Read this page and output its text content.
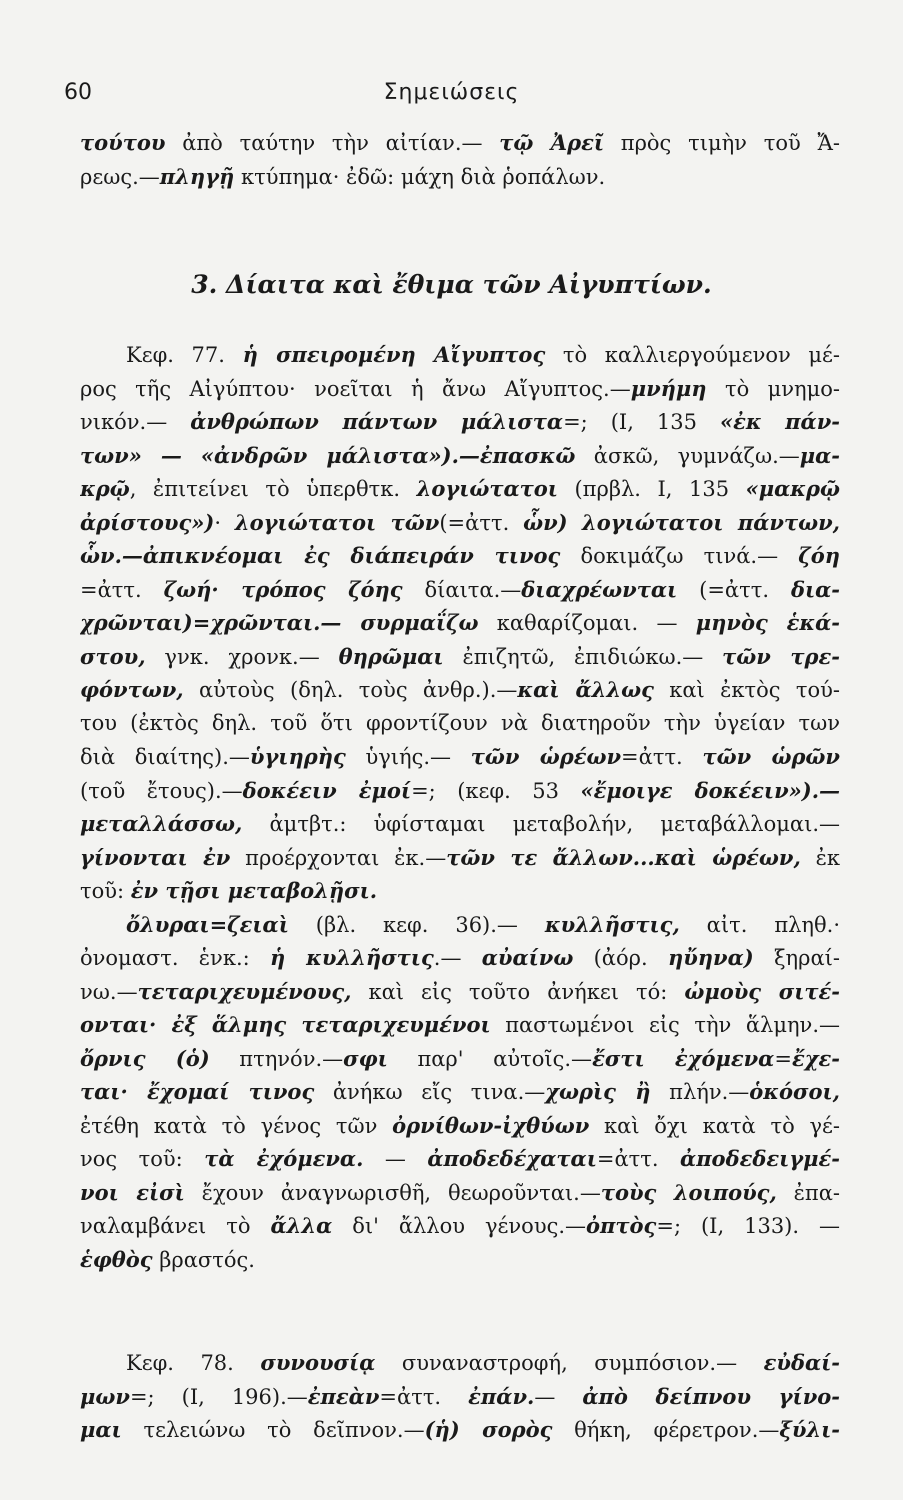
60	Σημειώσεις
τούτου ἀπὸ ταύτην τὴν αἰτίαν.— τῷ Ἀρεῖ πρὸς τιμὴν τοῦ Ἄ-
ρεως.—πληγῇ κτύπημα· ἐδῶ: μάχη διὰ ῥοπάλων.
3. Δίαιτα καὶ ἔθιμα τῶν Αἰγυπτίων.
Κεφ. 77. ἡ σπειρομένη Αἴγυπτος τὸ καλλιεργούμενον μέ-
ρος τῆς Αἰγύπτου· νοεῖται ἡ ἄνω Αἴγυπτος.—μνήμη τὸ μνημο-
νικόν.— ἀνθρώπων πάντων μάλιστα=; (I, 135 «ἐκ πάν-
των» — «ἀνδρῶν μάλιστα»).—ἐπασκῶ ἀσκῶ, γυμνάζω.—μα-
κρῷ, ἐπιτείνει τὸ ὑπερθτκ. λογιώτατοι (πρβλ. I, 135 «μακρῷ
ἀρίστους»)· λογιώτατοι τῶν(=ἀττ. ὧν) λογιώτατοι πάντων,
ὧν.—ἀπικνέομαι ἐς διάπειράν τινος δοκιμάζω τινά.— ζόη
=ἀττ. ζωή· τρόπος ζόης δίαιτα.—διαχρέωνται (=ἀττ. δια-
χρῶνται)=χρῶνται.— συρμαΐζω καθαρίζομαι. — μηνὸς ἑκά-
στου, γνκ. χρονκ.— θηρῶμαι ἐπιζητῶ, ἐπιδιώκω.— τῶν τρε-
φόντων, αὐτοὺς (δηλ. τοὺς ἀνθρ.).—καὶ ἄλλως καὶ ἐκτὸς τού-
του (ἐκτὸς δηλ. τοῦ ὅτι φροντίζουν νὰ διατηροῦν τὴν ὑγείαν των
διὰ διαίτης).—ὑγιηρὴς ὑγιής.— τῶν ὡρέων=ἀττ. τῶν ὡρῶν
(τοῦ ἔτους).—δοκέειν ἐμοί=; (κεφ. 53 «ἔμοιγε δοκέειν»).—
μεταλλάσσω, ἀμτβτ.: ὑφίσταμαι μεταβολήν, μεταβάλλομαι.—
γίνονται ἐν προέρχονται ἐκ.—τῶν τε ἄλλων...καὶ ὡρέων, ἐκ
τοῦ: ἐν τῇσι μεταβολῇσι.
ὄλυραι=ζειαὶ (βλ. κεφ. 36).— κυλλῆστις, αἰτ. πληθ.·
ὀνομαστ. ἑνκ.: ἡ κυλλῆστις.— αὐαίνω (ἀόρ. ηὔηνα) ξηραί-
νω.—τεταριχευμένους, καὶ εἰς τοῦτο ἀνήκει τό: ὠμοὺς σιτέ-
ονται· ἐξ ἅλμης τεταριχευμένοι παστωμένοι εἰς τὴν ἅλμην.—
ὄρνις (ὁ) πτηνόν.—σφι παρ' αὐτοῖς.—ἔστι ἐχόμενα=ἔχε-
ται· ἔχομαί τινος ἀνήκω εἴς τινα.—χωρὶς ἢ πλήν.—ὁκόσοι,
ἐτέθη κατὰ τὸ γένος τῶν ὀρνίθων-ἰχθύων καὶ ὄχι κατὰ τὸ γέ-
νος τοῦ: τὰ ἐχόμενα. — ἀποδεδέχαται=ἀττ. ἀποδεδειγμέ-
νοι εἰσὶ ἔχουν ἀναγνωρισθῆ, θεωροῦνται.—τοὺς λοιπούς, ἐπα-
ναλαμβάνει τὸ ἄλλα δι' ἄλλου γένους.—ὀπτὸς=; (I, 133). —
ἑφθὸς βραστός.
Κεφ. 78. συνουσίᾳ συναναστροφή, συμπόσιον.— εὐδαί-
μων=; (I, 196).—ἐπεὰν=ἀττ. ἐπάν.— ἀπὸ δείπνου γίνο-
μαι τελειώνω τὸ δεῖπνον.—(ἡ) σορὸς θήκη, φέρετρον.—ξύλι-
